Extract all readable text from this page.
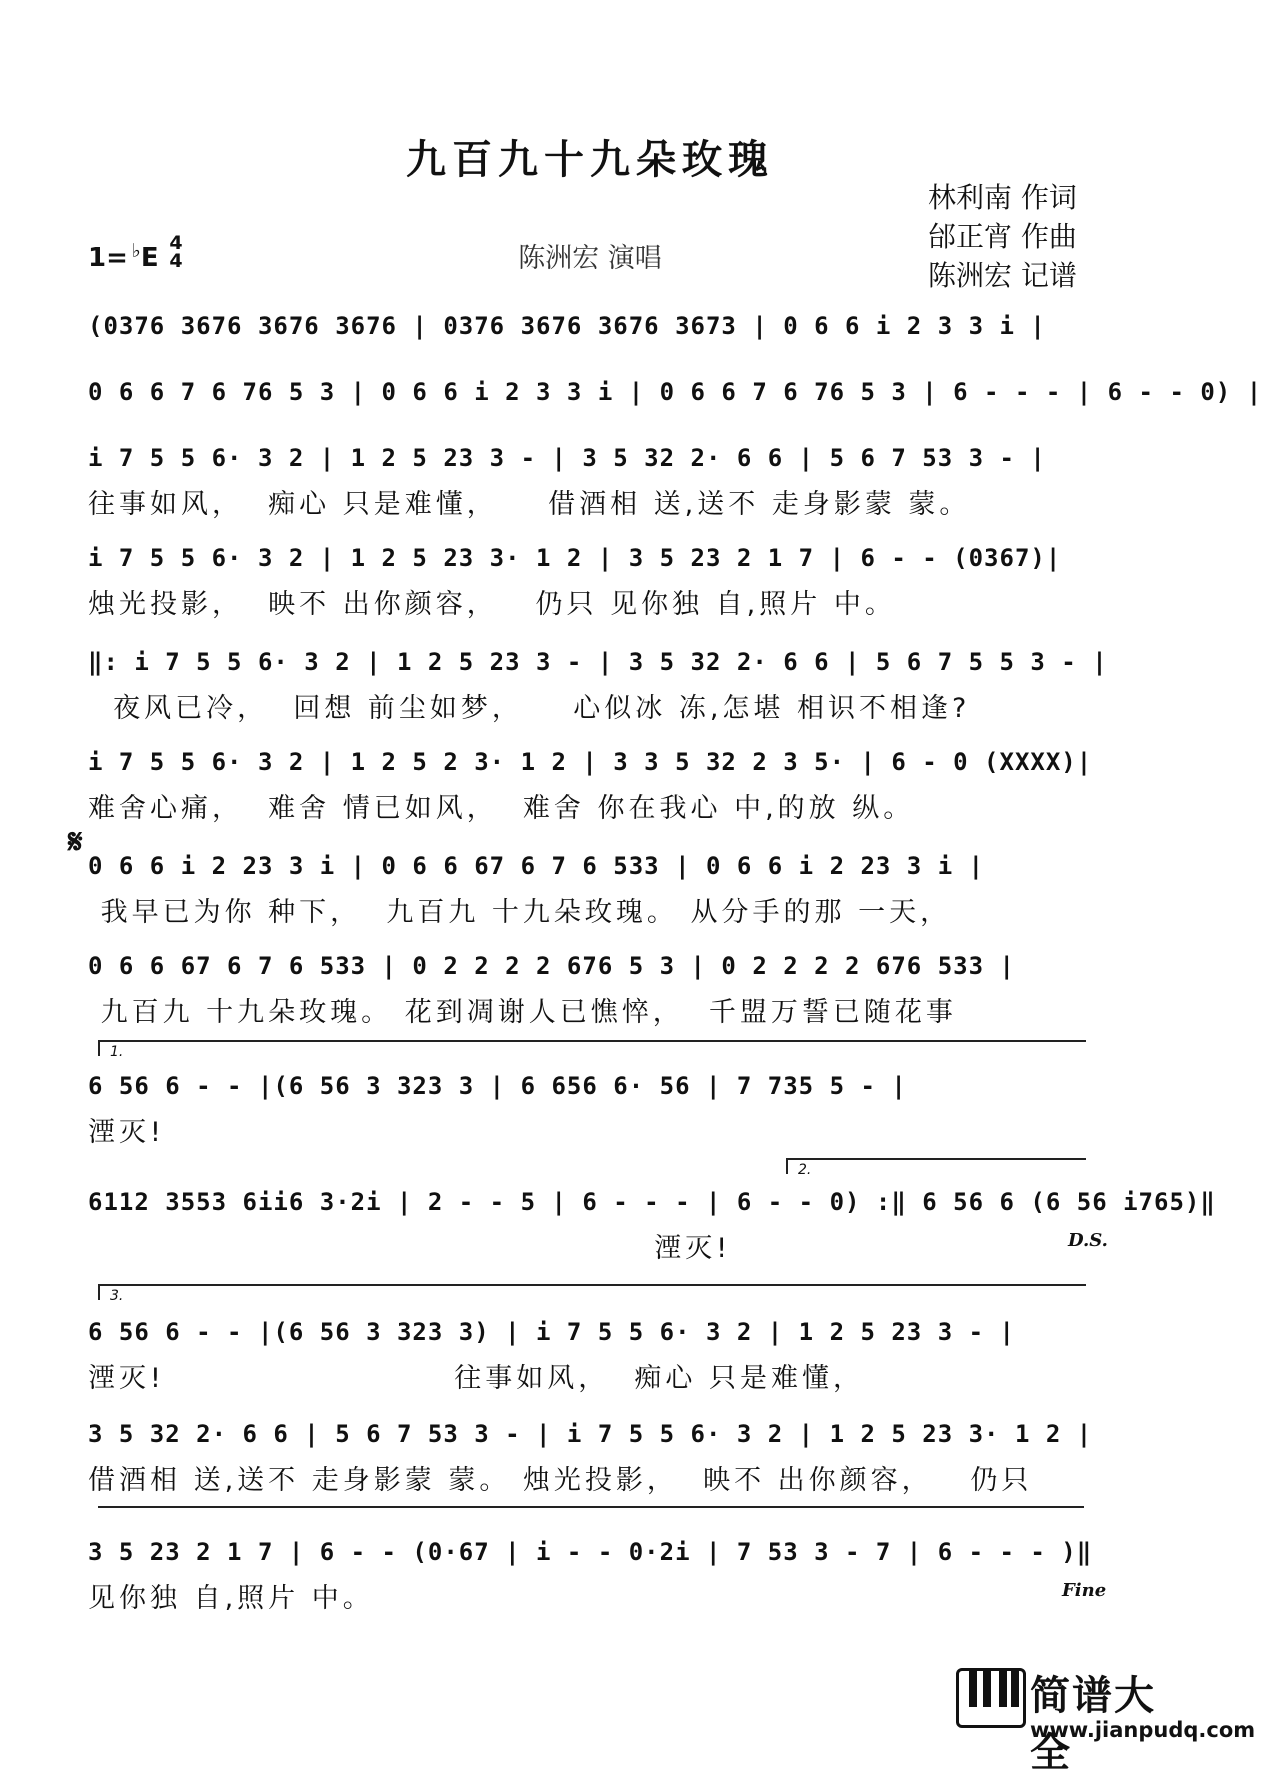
九百九十九朵玫瑰
林利南 作词
邰正宵 作曲
陈洲宏 记谱
陈洲宏 演唱
1= ♭E 4
4
(0376 3676 3676 3676 | 0376 3676 3676 3673 | 0 6 6 i 2 3 3 i |
0 6 6 7 6 76 5 3 | 0 6 6 i 2 3 3 i | 0 6 6 7 6 76 5 3 | 6 - - - | 6 - - 0) |
i 7 5 5 6· 3 2 | 1 2 5 23 3 - | 3 5 32 2· 6 6 | 5 6 7 53 3 - |
往事如风，  痴心 只是难懂，    借酒相 送,送不 走身影蒙 蒙。
i 7 5 5 6· 3 2 | 1 2 5 23 3· 1 2 | 3 5 23 2 1 7 | 6 - - (0367)|
烛光投影，  映不 出你颜容，   仍只 见你独 自,照片 中。
‖: i 7 5 5 6· 3 2 | 1 2 5 23 3 - | 3 5 32 2· 6 6 | 5 6 7 5 5 3 - |
夜风已冷，  回想 前尘如梦，    心似冰 冻,怎堪 相识不相逢?
i 7 5 5 6· 3 2 | 1 2 5 2 3· 1 2 | 3 3 5 32 2 3 5· | 6 - 0 (XXXX)|
难舍心痛，  难舍 情已如风，  难舍 你在我心 中,的放 纵。
0 6 6 i 2 23 3 i | 0 6 6 67 6 7 6 533 | 0 6 6 i 2 23 3 i |
我早已为你 种下，  九百九 十九朵玫瑰。 从分手的那 一天，
0 6 6 67 6 7 6 533 | 0 2 2 2 2 676 5 3 | 0 2 2 2 2 676 533 |
九百九 十九朵玫瑰。 花到凋谢人已憔悴，  千盟万誓已随花事
6 56 6 - - |(6 56 3 323 3 | 6 656 6· 56 | 7 735 5 - |
湮灭!
6112 3553 6ii6 3·2i | 2 - - 5 | 6 - - - | 6 - - 0) :‖ 6 56 6 (6 56 i765)‖
湮灭!
6 56 6 - - |(6 56 3 323 3) | i 7 5 5 6· 3 2 | 1 2 5 23 3 - |
湮灭!                       往事如风，  痴心 只是难懂，
3 5 32 2· 6 6 | 5 6 7 53 3 - | i 7 5 5 6· 3 2 | 1 2 5 23 3· 1 2 |
借酒相 送,送不 走身影蒙 蒙。 烛光投影，  映不 出你颜容，   仍只
3 5 23 2 1 7 | 6 - - (0·67 | i - - 0·2i | 7 53 3 - 7 | 6 - - - )‖
见你独 自,照片 中。
𝄋
1.
2.
3.
D.S.
Fine
简谱大全
www.jianpudq.com
